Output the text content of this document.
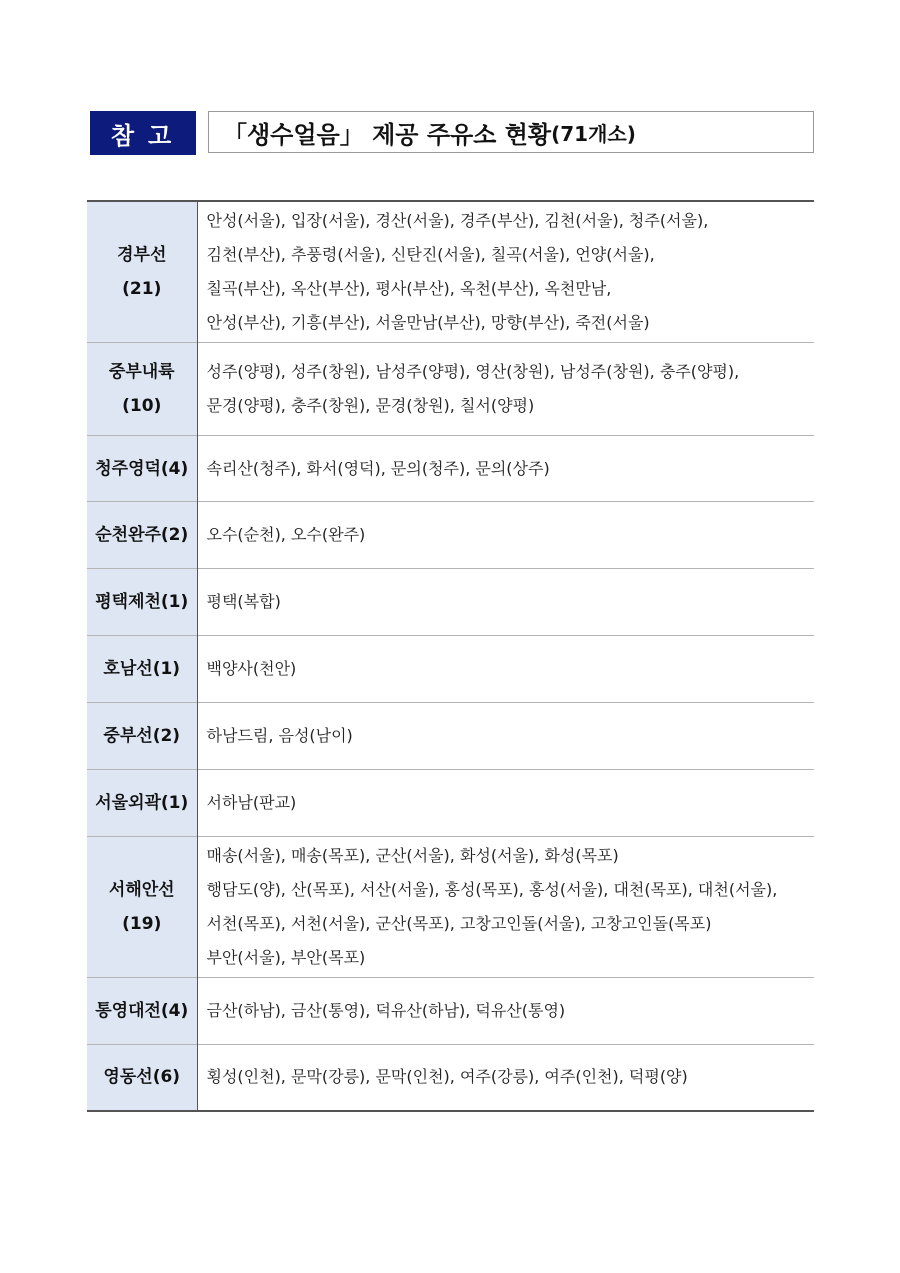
참고	「생수얼음」 제공 주유소 현황 (71개소)
경부선
(21)	안성(서울), 입장(서울), 경산(서울), 경주(부산), 김천(서울), 청주(서울),
김천(부산), 추풍령(서울), 신탄진(서울), 칠곡(서울), 언양(서울),
칠곡(부산), 옥산(부산), 평사(부산), 옥천(부산), 옥천만남,
안성(부산), 기흥(부산), 서울만남(부산), 망향(부산), 죽전(서울)

중부내륙
(10)	성주(양평), 성주(창원), 남성주(양평), 영산(창원), 남성주(창원), 충주(양평),
문경(양평), 충주(창원), 문경(창원), 칠서(양평)

청주영덕(4)	속리산(청주), 화서(영덕), 문의(청주), 문의(상주)

순천완주(2)	오수(순천), 오수(완주)

평택제천(1)	평택(복합)

호남선(1)	백양사(천안)

중부선(2)	하남드림, 음성(남이)

서울외곽(1)	서하남(판교)

서해안선
(19)	매송(서울), 매송(목포), 군산(서울), 화성(서울), 화성(목포)
행담도(양), 산(목포), 서산(서울), 홍성(목포), 홍성(서울), 대천(목포), 대천(서울),
서천(목포), 서천(서울), 군산(목포), 고창고인돌(서울), 고창고인돌(목포)
부안(서울), 부안(목포)

통영대전(4)	금산(하남), 금산(통영), 덕유산(하남), 덕유산(통영)

영동선(6)	횡성(인천), 문막(강릉), 문막(인천), 여주(강릉), 여주(인천), 덕평(양)
